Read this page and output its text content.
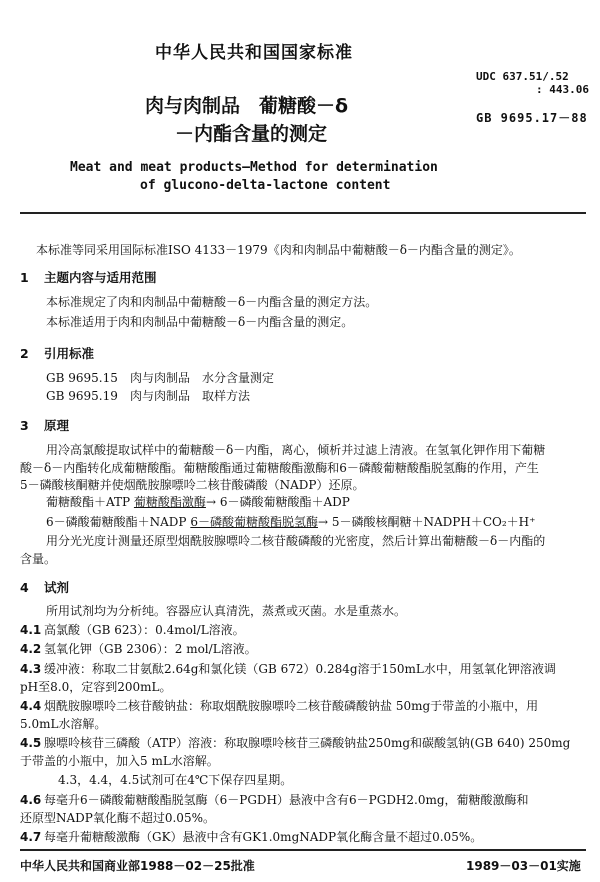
中华人民共和国国家标准
肉与肉制品　葡糖酸－δ
－内酯含量的测定
UDC 637.51/.52
: 443.06
GB 9695.17－88
Meat and meat products—Method for determination
of glucono-delta-lactone content
本标准等同采用国际标准ISO 4133－1979《肉和肉制品中葡糖酸－δ－内酯含量的测定》。
1 主题内容与适用范围
本标准规定了肉和肉制品中葡糖酸－δ－内酯含量的测定方法。
本标准适用于肉和肉制品中葡糖酸－δ－内酯含量的测定。
2 引用标准
GB 9695.15 肉与肉制品　水分含量测定
GB 9695.19 肉与肉制品　取样方法
3 原理
用冷高氯酸提取试样中的葡糖酸－δ－内酯，离心，倾析并过滤上清液。在氢氧化钾作用下葡糖
酸－δ－内酯转化成葡糖酸酯。葡糖酸酯通过葡糖酸酯激酶和6－磷酸葡糖酸酯脱氢酶的作用，产生
5－磷酸核酮糖并使烟酰胺腺嘌呤二核苷酸磷酸（NADP）还原。
葡糖酸酯＋ATP 葡糖酸酯激酶→ 6－磷酸葡糖酸酯＋ADP
6－磷酸葡糖酸酯＋NADP 6－磷酸葡糖酸酯脱氢酶→ 5－磷酸核酮糖＋NADPH＋CO₂＋H⁺
用分光光度计测量还原型烟酰胺腺嘌呤二核苷酸磷酸的光密度，然后计算出葡糖酸－δ－内酯的
含量。
4 试剂
所用试剂均为分析纯。容器应认真清洗，蒸煮或灭菌。水是重蒸水。
4.1 高氯酸（GB 623）：0.4mol/L溶液。
4.2 氢氧化钾（GB 2306）：2 mol/L溶液。
4.3 缓冲液：称取二甘氨酞2.64g和氯化镁（GB 672）0.284g溶于150mL水中，用氢氧化钾溶液调
pH至8.0，定容到200mL。
4.4 烟酰胺腺嘌呤二核苷酸钠盐：称取烟酰胺腺嘌呤二核苷酸磷酸钠盐 50mg于带盖的小瓶中，用
5.0mL水溶解。
4.5 腺嘌呤核苷三磷酸（ATP）溶液：称取腺嘌呤核苷三磷酸钠盐250mg和碳酸氢钠(GB 640) 250mg
于带盖的小瓶中，加入5 mL水溶解。
4.3，4.4，4.5试剂可在4℃下保存四星期。
4.6 每毫升6－磷酸葡糖酸酯脱氢酶（6－PGDH）悬液中含有6－PGDH2.0mg，葡糖酸激酶和
还原型NADP氧化酶不超过0.05%。
4.7 每毫升葡糖酸激酶（GK）悬液中含有GK1.0mgNADP氧化酶含量不超过0.05%。
中华人民共和国商业部1988－02－25批准	1989－03－01实施
